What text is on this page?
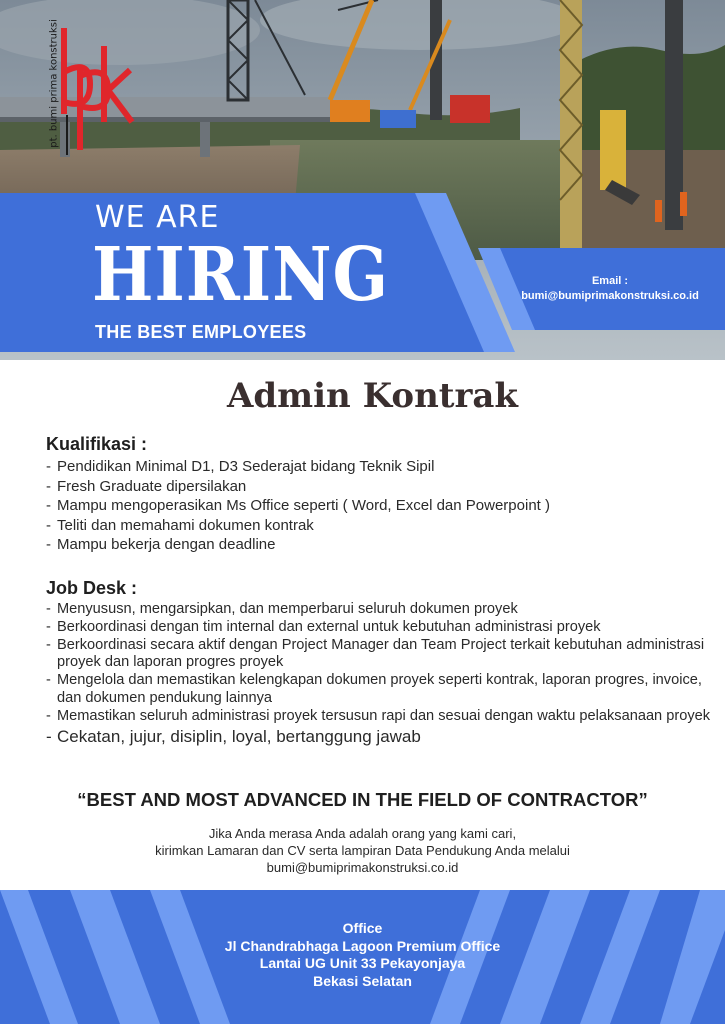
pt. bumi prima konstruksi

WE ARE

HIRING

THE BEST EMPLOYEES

Email :
bumi@bumiprimakonstruksi.co.id
Admin Kontrak
Kualifikasi :
- Pendidikan Minimal D1, D3 Sederajat bidang Teknik Sipil
- Fresh Graduate dipersilakan
- Mampu mengoperasikan Ms Office seperti ( Word, Excel dan Powerpoint )
- Teliti dan memahami dokumen kontrak
- Mampu bekerja dengan deadline
Job Desk :
- Menyususn, mengarsipkan, dan memperbarui seluruh dokumen proyek
- Berkoordinasi dengan tim internal dan external untuk kebutuhan administrasi proyek
- Berkoordinasi secara aktif dengan Project Manager dan Team Project terkait kebutuhan administrasi proyek dan laporan progres proyek
- Mengelola dan memastikan kelengkapan dokumen proyek seperti kontrak, laporan progres, invoice, dan dokumen pendukung lainnya
- Memastikan seluruh administrasi proyek tersusun rapi dan sesuai dengan waktu pelaksanaan proyek
- Cekatan, jujur, disiplin, loyal, bertanggung jawab

“BEST AND MOST ADVANCED IN THE FIELD OF CONTRACTOR”

Jika Anda merasa Anda adalah orang yang kami cari,

kirimkan Lamaran dan CV serta lampiran Data Pendukung Anda melalui

bumi@bumiprimakonstruksi.co.id

Office

Jl Chandrabhaga Lagoon Premium Office

Lantai UG Unit 33 Pekayonjaya

Bekasi Selatan
